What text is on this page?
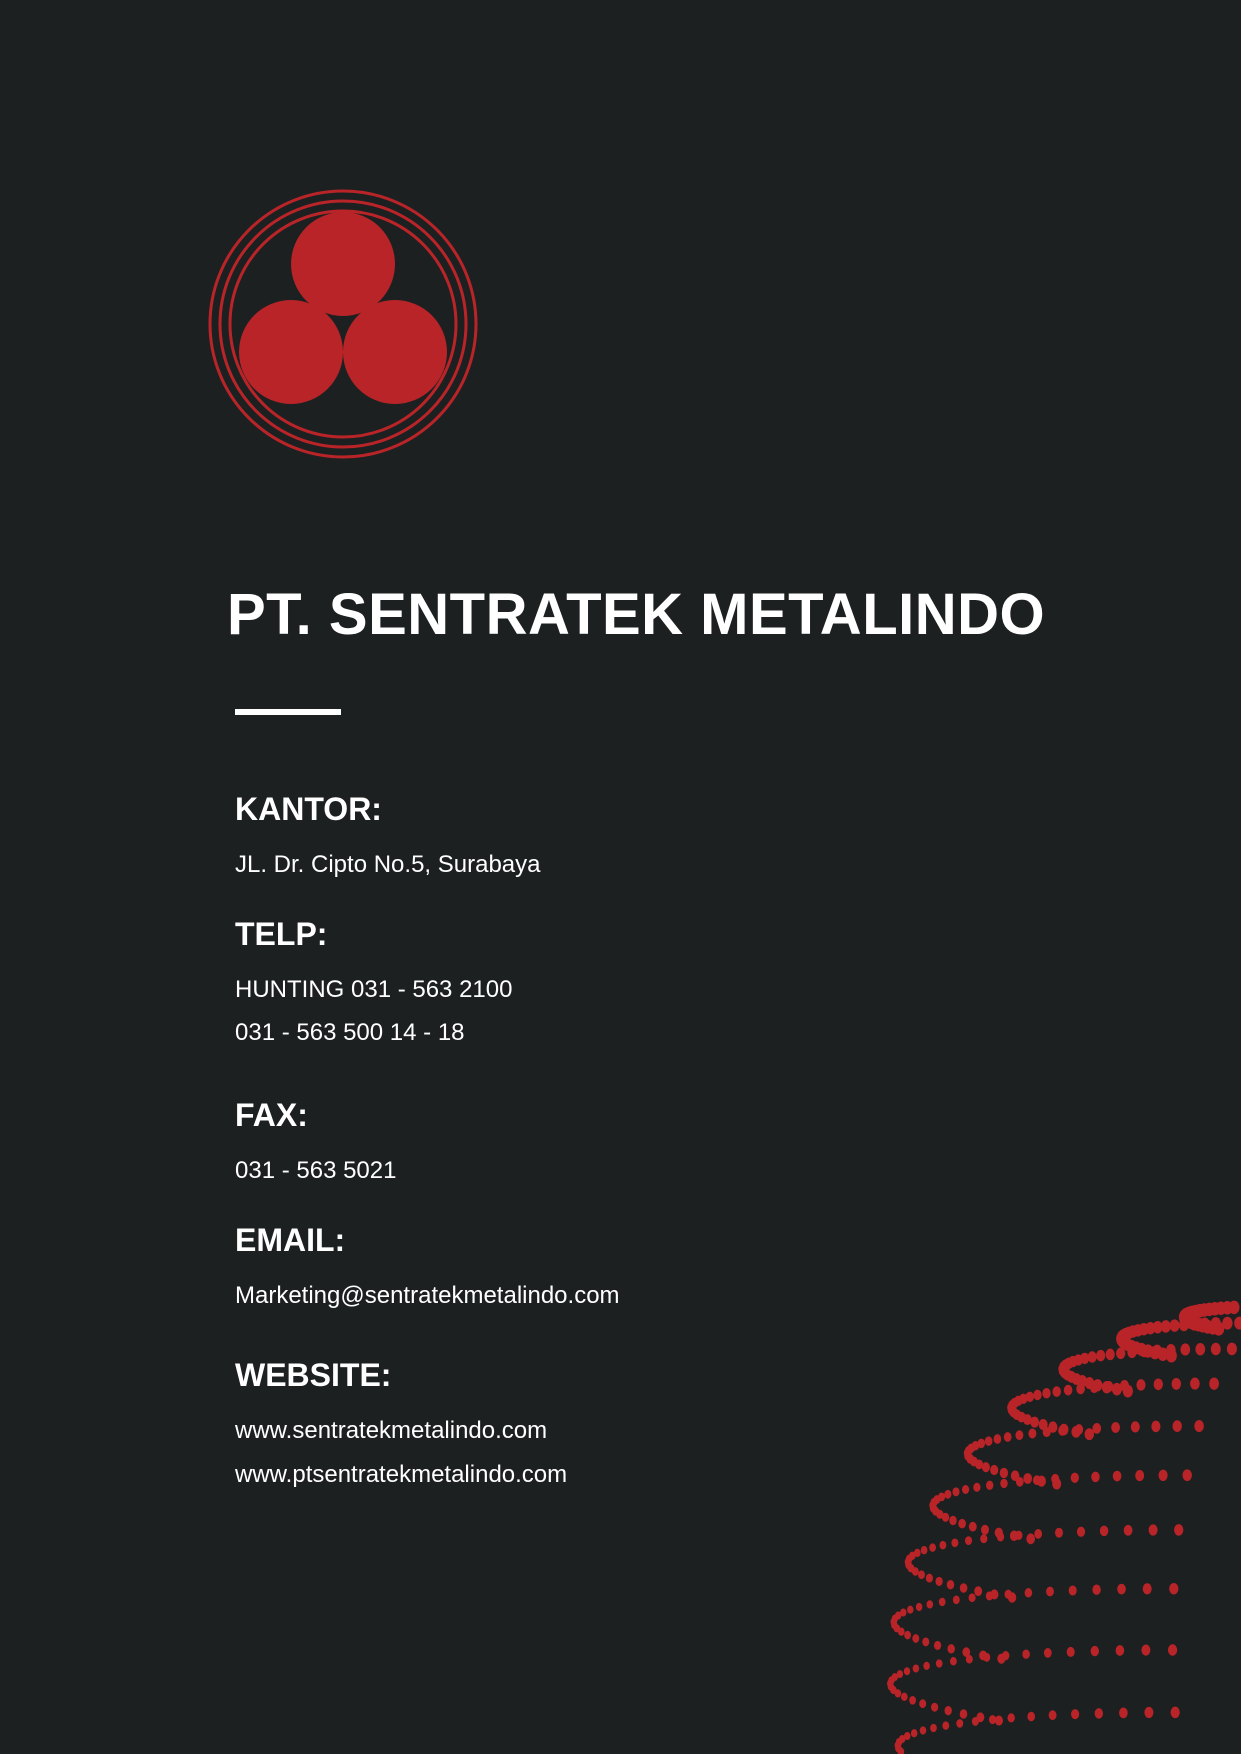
PT. SENTRATEK METALINDO
KANTOR:
JL. Dr. Cipto No.5, Surabaya
TELP:
HUNTING 031 - 563 2100
031 - 563 500 14 - 18
FAX:
031 - 563 5021
EMAIL:
Marketing@sentratekmetalindo.com
WEBSITE:
www.sentratekmetalindo.com
www.ptsentratekmetalindo.com
